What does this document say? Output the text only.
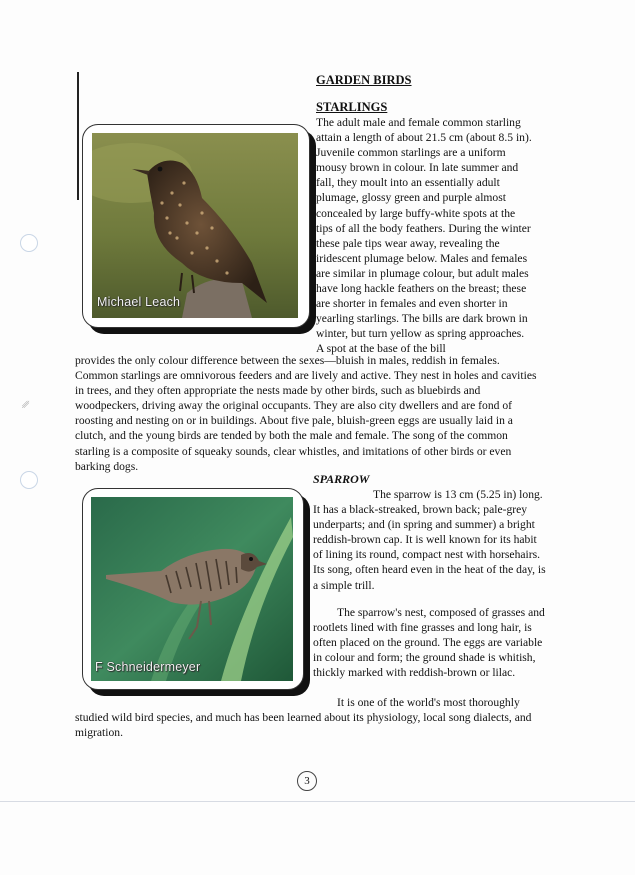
␥
GARDEN BIRDS
Michael Leach
STARLINGS
The adult male and female common starling attain a length of about 21.5 cm (about 8.5 in). Juvenile common starlings are a uniform mousy brown in colour. In late summer and fall, they moult into an essentially adult plumage, glossy green and purple almost concealed by large buffy-white spots at the tips of all the body feathers. During the winter these pale tips wear away, revealing the iridescent plumage below. Males and females are similar in plumage colour, but adult males have long hackle feathers on the breast; these are shorter in females and even shorter in yearling starlings. The bills are dark brown in winter, but turn yellow as spring approaches. A spot at the base of the bill
provides the only colour difference between the sexes—bluish in males, reddish in females. Common starlings are omnivorous feeders and are lively and active. They nest in holes and cavities in trees, and they often appropriate the nests made by other birds, such as bluebirds and woodpeckers, driving away the original occupants. They are also city dwellers and are fond of roosting and nesting on or in buildings. About five pale, bluish-green eggs are usually laid in a clutch, and the young birds are tended by both the male and female. The song of the common starling is a composite of squeaky sounds, clear whistles, and imitations of other birds or even barking dogs.
SPARROW
F Schneidermeyer
The sparrow is 13 cm (5.25 in) long. It has a black-streaked, brown back; pale-grey underparts; and (in spring and summer) a bright reddish-brown cap. It is well known for its habit of lining its round, compact nest with horsehairs. Its song, often heard even in the heat of the day, is a simple trill.
The sparrow's nest, composed of grasses and rootlets lined with fine grasses and long hair, is often placed on the ground. The eggs are variable in colour and form; the ground shade is whitish, thickly marked with reddish-brown or lilac.
It is one of the world's most thoroughly
studied wild bird species, and much has been learned about its physiology, local song dialects, and migration.
3
